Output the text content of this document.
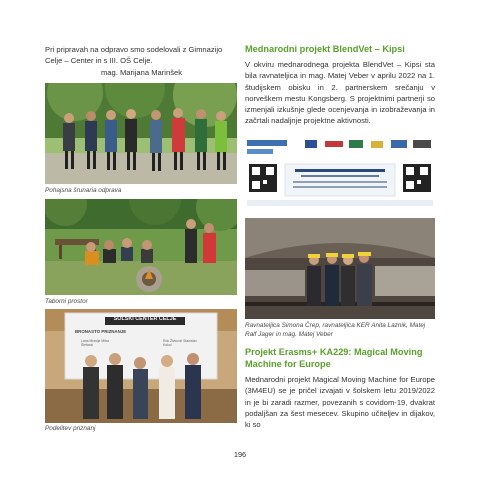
Pri pripravah na odpravo smo sodelovali z Gimnazijo Celje – Center in s III. OŠ Celje.
mag. Marijana Marinšek
Pohajsna šrunaria odprava
Taborni prostor
SOLSKI CENTER CELJE
BRONASTO PRIZNANJE
Lana Mravlje Mitra Štefanić
Rok Živković Stanislav Kokol
Podelitev priznanj
Mednarodni projekt BlendVet – Kipsi
V okviru mednarodnega projekta BlendVet – Kipsi sta bila ravnateljica in mag. Matej Veber v aprilu 2022 na 1. študijskem obisku in 2. partnerskem srečanju v norveškem mestu Kongsberg. S projektnimi partnerji so izmenjali izkušnje glede ocenjevanja in izobraževanja in začrtali nadaljnje projektne aktivnosti.
Ravnateljica Simona Črep, ravnateljica KER Anita Laznik, Matej Ralf Jager in mag. Matej Veber
Projekt Erasms+ KA229: Magical Moving Machine for Europe
Mednarodni projekt Magical Moving Machine for Europe (3M4EU) se je pričel izvajati v šolskem letu 2019/2022 in je bi zaradi razmer, povezanih s covidom-19, dvakrat podaljšan za šest mesecev. Skupino učiteljev in dijakov, ki so
196
